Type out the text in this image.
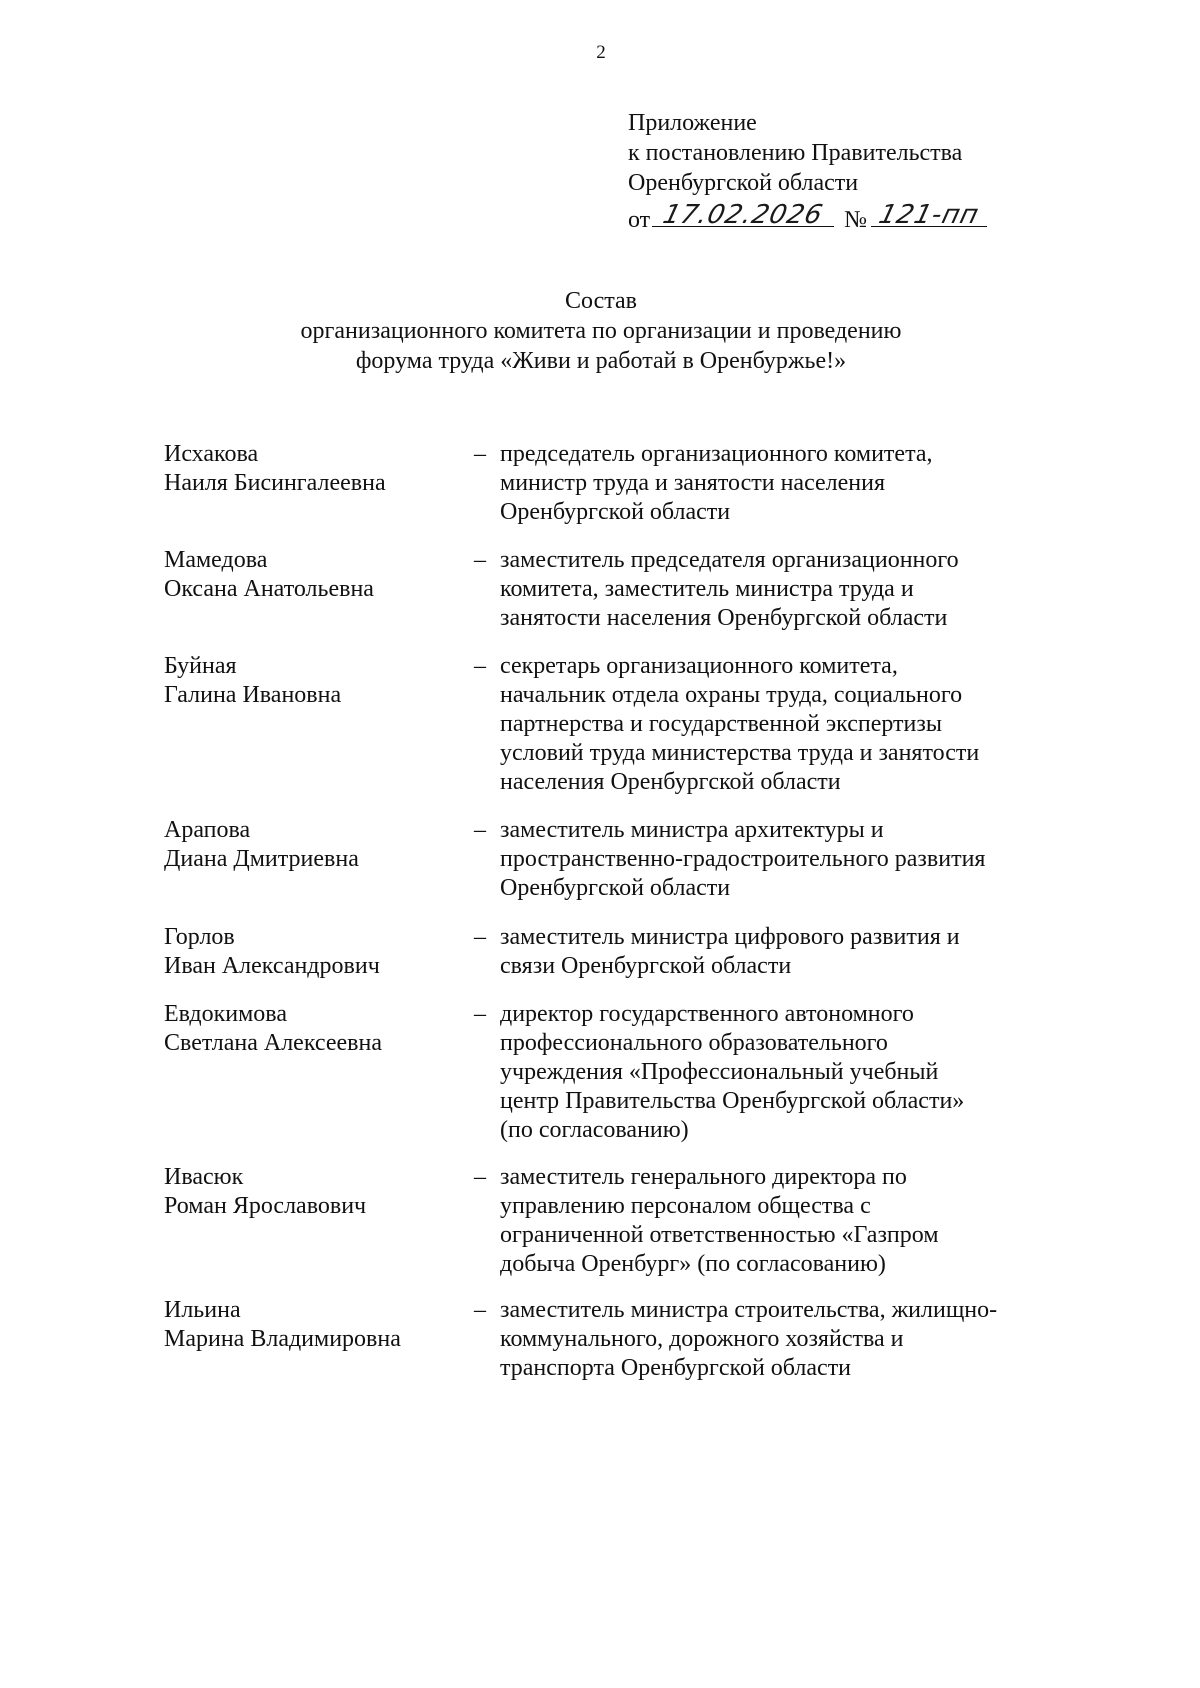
2
Приложение
к постановлению Правительства
Оренбургской области
от 17.02.2026 № 121-пп
Состав
организационного комитета по организации и проведению
форума труда «Живи и работай в Оренбуржье!»
Исхакова
Наиля Бисингалеевна
– председатель организационного комитета,
министр труда и занятости населения
Оренбургской области
Мамедова
Оксана Анатольевна
– заместитель председателя организационного
комитета, заместитель министра труда и
занятости населения Оренбургской области
Буйная
Галина Ивановна
– секретарь организационного комитета,
начальник отдела охраны труда, социального
партнерства и государственной экспертизы
условий труда министерства труда и занятости
населения Оренбургской области
Арапова
Диана Дмитриевна
– заместитель министра архитектуры и
пространственно-градостроительного развития
Оренбургской области
Горлов
Иван Александрович
– заместитель министра цифрового развития и
связи Оренбургской области
Евдокимова
Светлана Алексеевна
– директор государственного автономного
профессионального образовательного
учреждения «Профессиональный учебный
центр Правительства Оренбургской области»
(по согласованию)
Ивасюк
Роман Ярославович
– заместитель генерального директора по
управлению персоналом общества с
ограниченной ответственностью «Газпром
добыча Оренбург» (по согласованию)
Ильина
Марина Владимировна
– заместитель министра строительства, жилищно-
коммунального, дорожного хозяйства и
транспорта Оренбургской области
